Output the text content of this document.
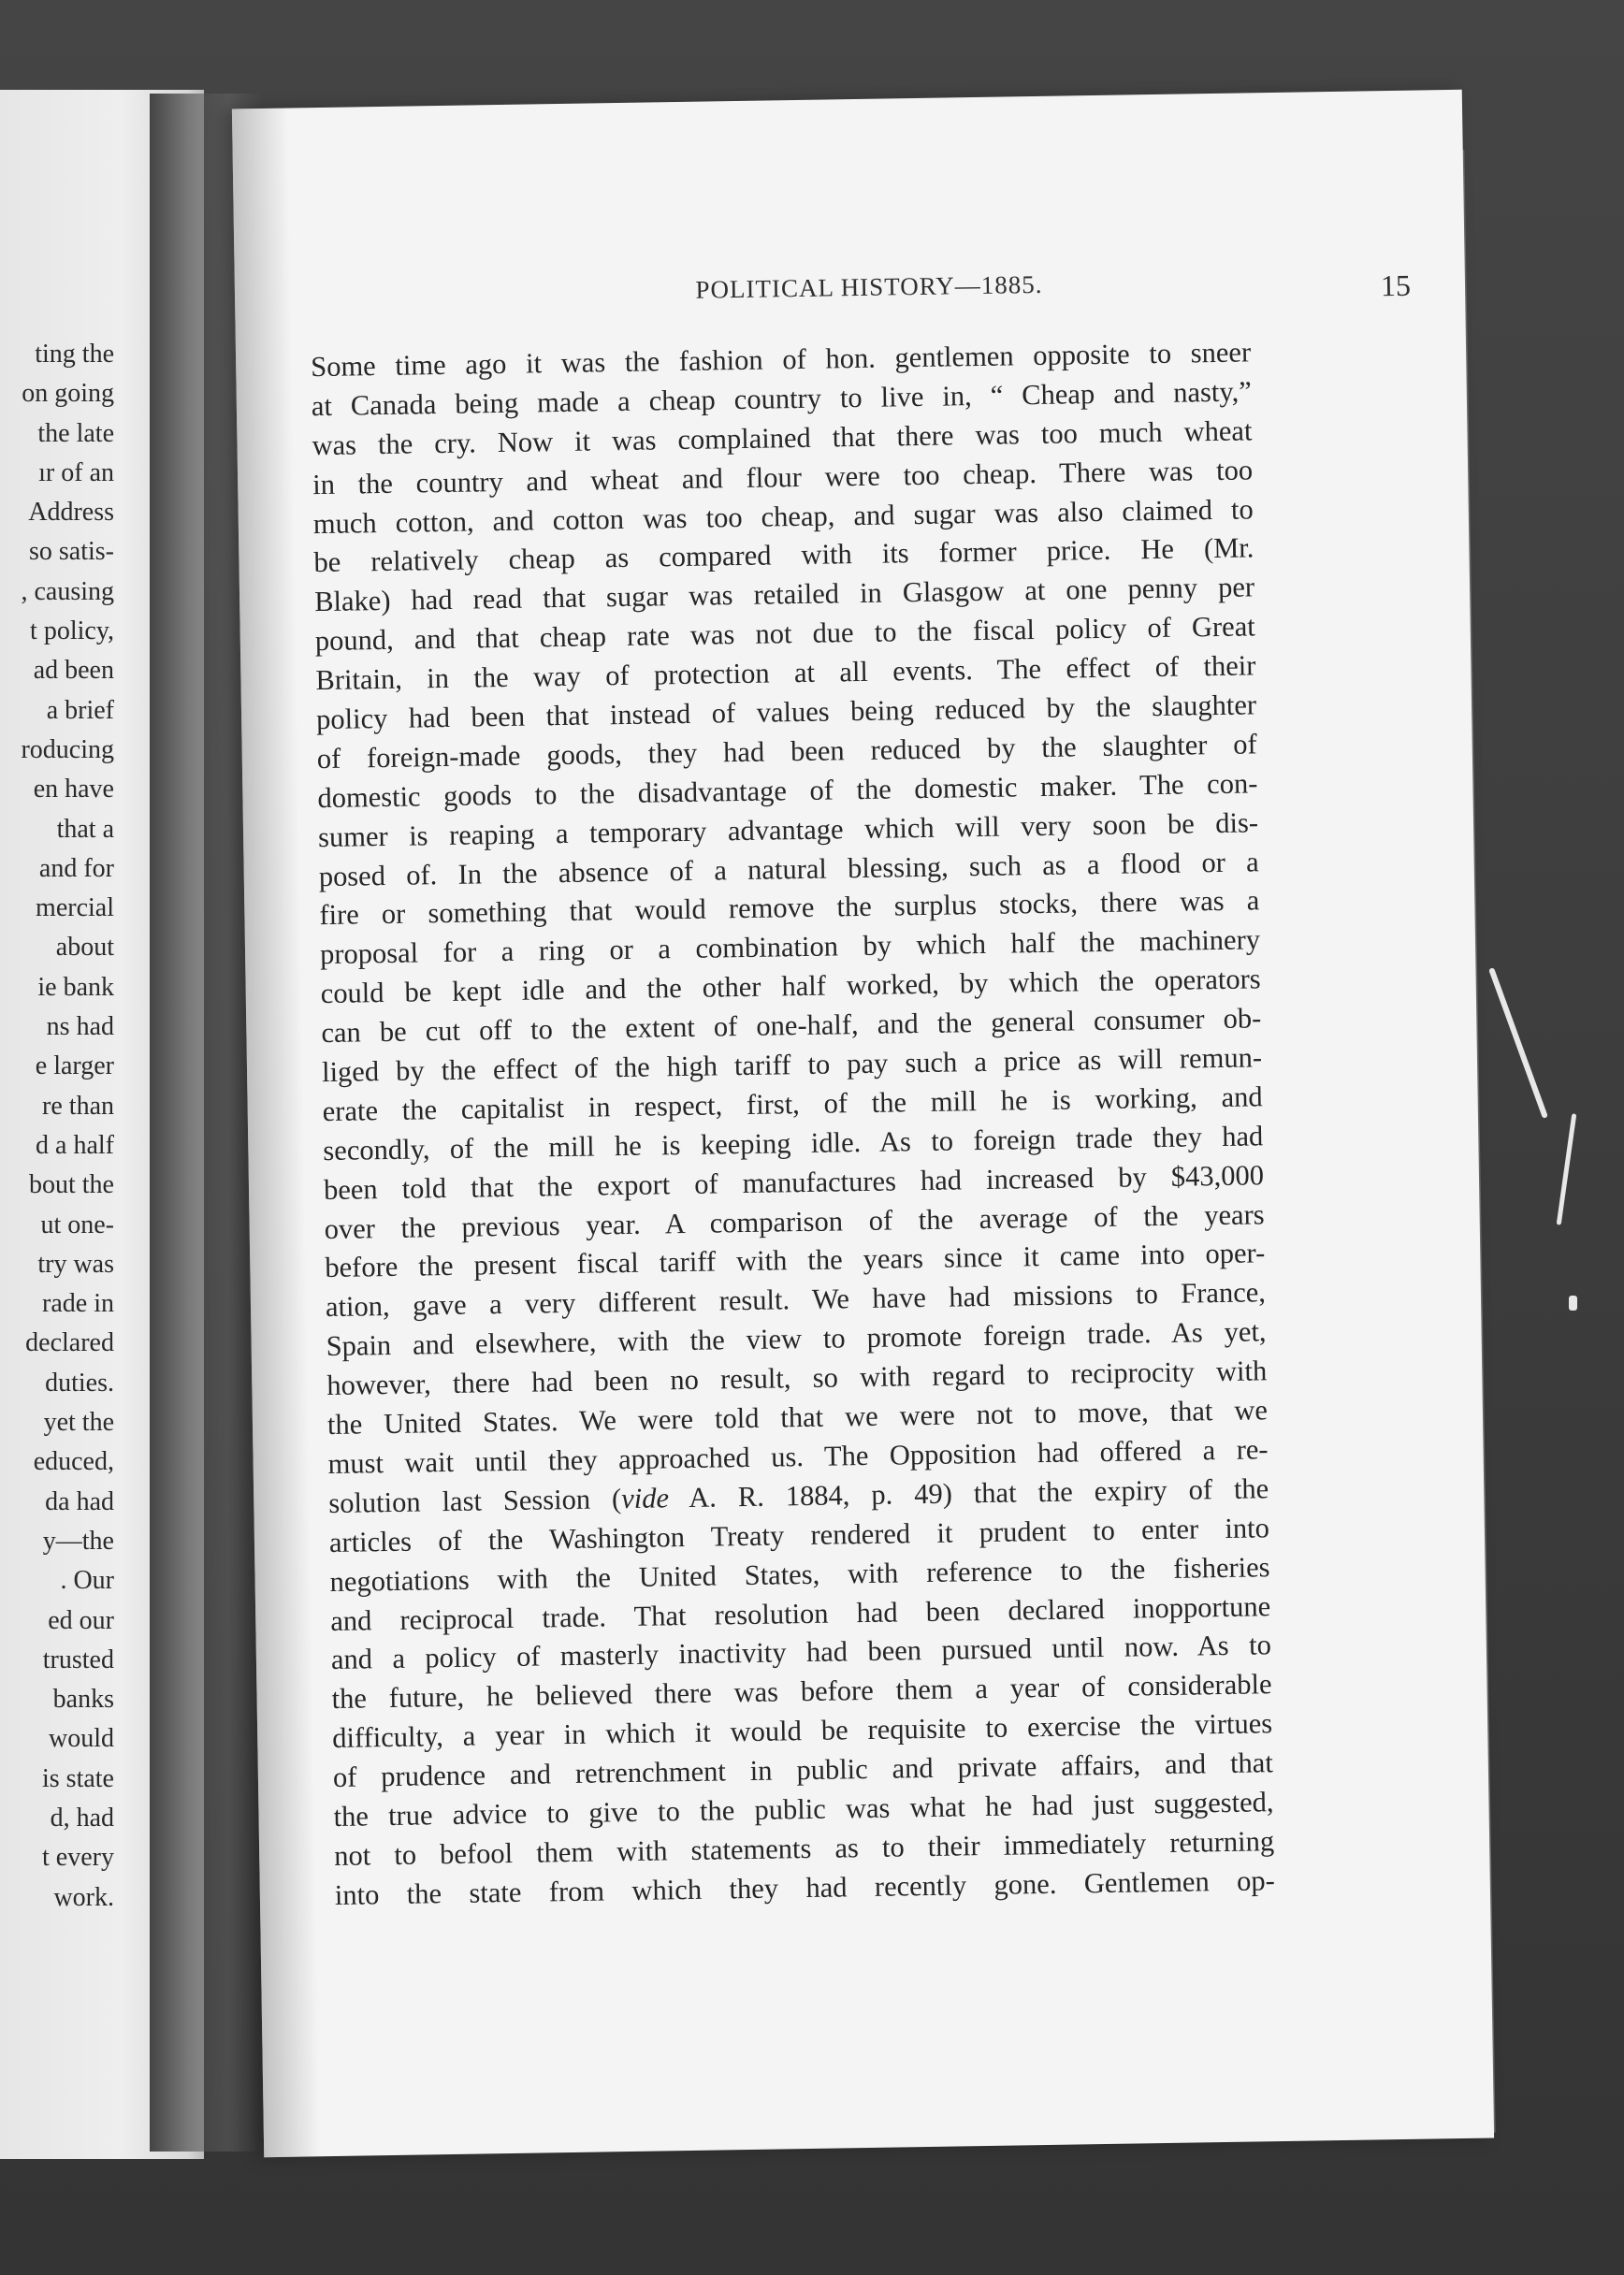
ting the
on going
the late
ır of an
Address
so satis-
, causing
t policy,
ad been
a brief
roducing
en have
that a
and for
mercial
about
ie bank
ns had
e larger
re than
d a half
bout the
ut one-
try was
rade in
declared
duties.
yet the
educed,
da had
y—the
. Our
ed our
trusted
banks
would
is state
d, had
t every
work.
POLITICAL HISTORY—1885.	15
Some time ago it was the fashion of hon. gentlemen opposite to sneer
at Canada being made a cheap country to live in, “ Cheap and nasty,”
was the cry. Now it was complained that there was too much wheat
in the country and wheat and flour were too cheap. There was too
much cotton, and cotton was too cheap, and sugar was also claimed to
be relatively cheap as compared with its former price. He (Mr.
Blake) had read that sugar was retailed in Glasgow at one penny per
pound, and that cheap rate was not due to the fiscal policy of Great
Britain, in the way of protection at all events. The effect of their
policy had been that instead of values being reduced by the slaughter
of foreign-made goods, they had been reduced by the slaughter of
domestic goods to the disadvantage of the domestic maker. The con-
sumer is reaping a temporary advantage which will very soon be dis-
posed of. In the absence of a natural blessing, such as a flood or a
fire or something that would remove the surplus stocks, there was a
proposal for a ring or a combination by which half the machinery
could be kept idle and the other half worked, by which the operators
can be cut off to the extent of one-half, and the general consumer ob-
liged by the effect of the high tariff to pay such a price as will remun-
erate the capitalist in respect, first, of the mill he is working, and
secondly, of the mill he is keeping idle. As to foreign trade they had
been told that the export of manufactures had increased by $43,000
over the previous year. A comparison of the average of the years
before the present fiscal tariff with the years since it came into oper-
ation, gave a very different result. We have had missions to France,
Spain and elsewhere, with the view to promote foreign trade. As yet,
however, there had been no result, so with regard to reciprocity with
the United States. We were told that we were not to move, that we
must wait until they approached us. The Opposition had offered a re-
solution last Session (vide A. R. 1884, p. 49) that the expiry of the
articles of the Washington Treaty rendered it prudent to enter into
negotiations with the United States, with reference to the fisheries
and reciprocal trade. That resolution had been declared inopportune
and a policy of masterly inactivity had been pursued until now. As to
the future, he believed there was before them a year of considerable
difficulty, a year in which it would be requisite to exercise the virtues
of prudence and retrenchment in public and private affairs, and that
the true advice to give to the public was what he had just suggested,
not to befool them with statements as to their immediately returning
into the state from which they had recently gone. Gentlemen op-
